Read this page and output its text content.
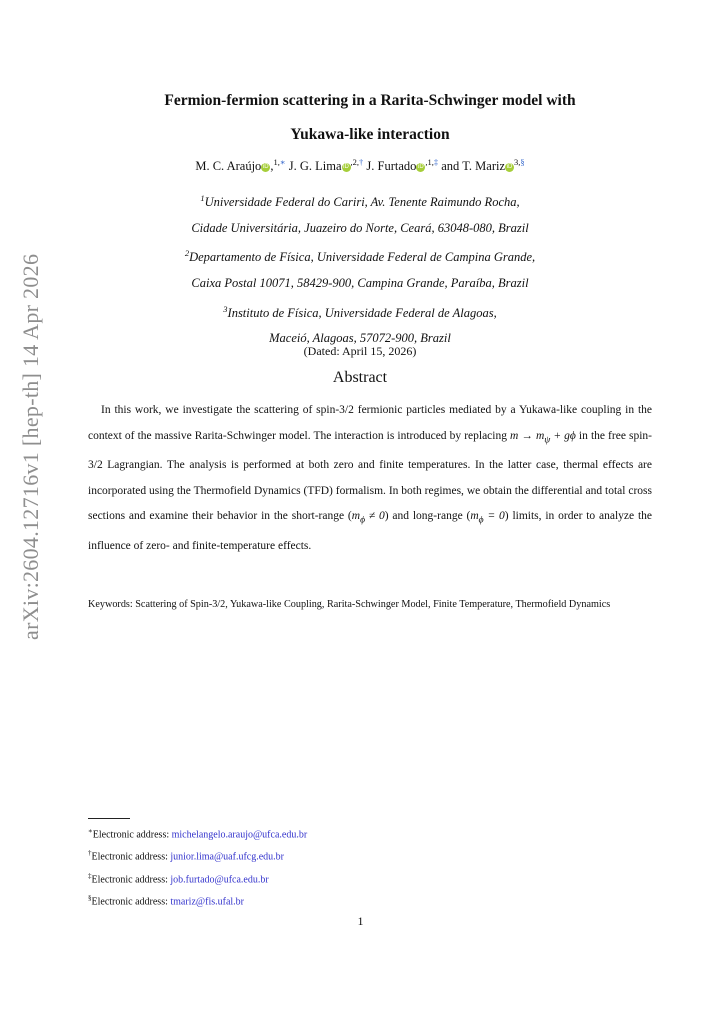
arXiv:2604.12716v1 [hep-th] 14 Apr 2026
Fermion-fermion scattering in a Rarita-Schwinger model with
Yukawa-like interaction
M. C. Araújo iD ,$^{1,∗}$ J. G. Lima iD $^{,2,\dagger}$ J. Furtado iD $^{,1,\ddagger}$ and T. Mariz iD $^{3,\S}$
$^1$Universidade Federal do Cariri, Av. Tenente Raimundo Rocha,
Cidade Universitária, Juazeiro do Norte, Ceará, 63048-080, Brazil
$^2$Departamento de Física, Universidade Federal de Campina Grande,
Caixa Postal 10071, 58429-900, Campina Grande, Paraíba, Brazil
$^3$Instituto de Física, Universidade Federal de Alagoas,
Maceió, Alagoas, 57072-900, Brazil
(Dated: April 15, 2026)
Abstract
In this work, we investigate the scattering of spin-3/2 fermionic particles mediated by a Yukawa-like coupling in the context of the massive Rarita-Schwinger model. The interaction is introduced by replacing $m \to m_\psi + g\phi$ in the free spin-3/2 Lagrangian. The analysis is performed at both zero and finite temperatures. In the latter case, thermal effects are incorporated using the Thermofield Dynamics (TFD) formalism. In both regimes, we obtain the differential and total cross sections and examine their behavior in the short-range $(m_\phi \ne 0)$ and long-range $(m_\phi = 0)$ limits, in order to analyze the influence of zero- and finite-temperature effects.
Keywords: Scattering of Spin-3/2, Yukawa-like Coupling, Rarita-Schwinger Model, Finite Temperature, Thermofield Dynamics
∗Electronic address: michelangelo.araujo@ufca.edu.br
†Electronic address: junior.lima@uaf.ufcg.edu.br
‡Electronic address: job.furtado@ufca.edu.br
§Electronic address: tmariz@fis.ufal.br
1
